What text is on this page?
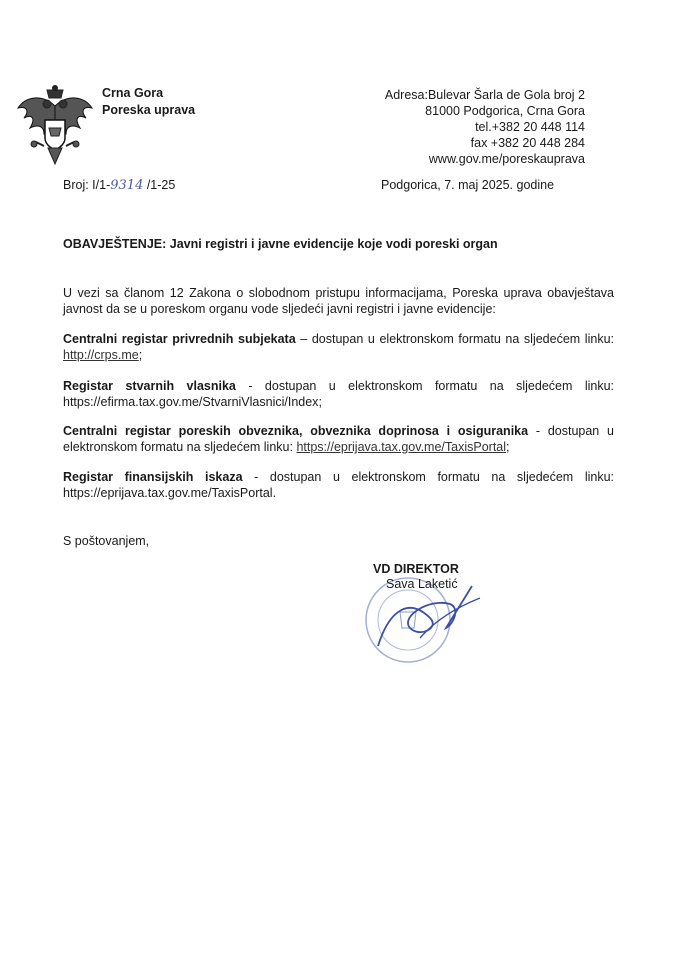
Crna Gora
Poreska uprava
Adresa:Bulevar Šarla de Gola broj 2
81000 Podgorica, Crna Gora
tel.+382 20 448 114
fax +382 20 448 284
www.gov.me/poreskauprava
Broj: I/1-9314 /1-25	Podgorica, 7. maj 2025. godine
OBAVJEŠTENJE: Javni registri i javne evidencije koje vodi poreski organ
U vezi sa članom 12 Zakona o slobodnom pristupu informacijama, Poreska uprava obavještava javnost da se u poreskom organu vode sljedeći javni registri i javne evidencije:
Centralni registar privrednih subjekata – dostupan u elektronskom formatu na sljedećem linku: http://crps.me;
Registar stvarnih vlasnika - dostupan u elektronskom formatu na sljedećem linku: https://efirma.tax.gov.me/StvarniVlasnici/Index;
Centralni registar poreskih obveznika, obveznika doprinosa i osiguranika - dostupan u elektronskom formatu na sljedećem linku: https://eprijava.tax.gov.me/TaxisPortal;
Registar finansijskih iskaza - dostupan u elektronskom formatu na sljedećem linku: https://eprijava.tax.gov.me/TaxisPortal.
S poštovanjem,
VD DIREKTOR
Sava Laketić
